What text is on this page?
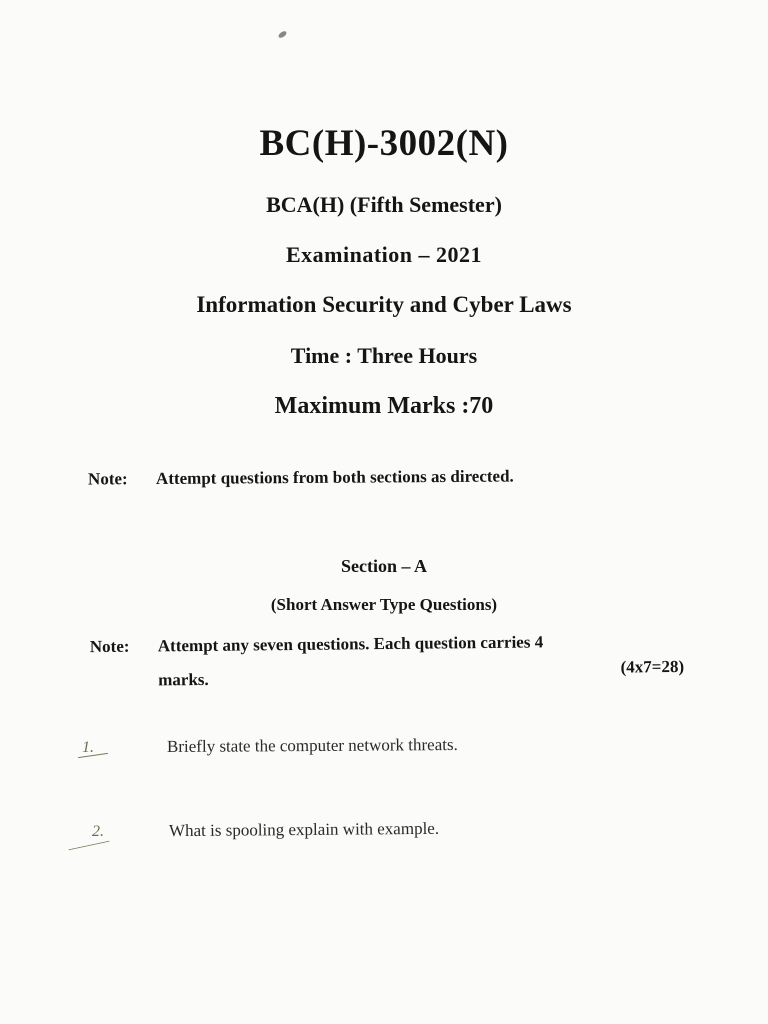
BC(H)-3002(N)
BCA(H) (Fifth Semester)
Examination – 2021
Information Security and Cyber Laws
Time : Three Hours
Maximum Marks :70
Note: Attempt questions from both sections as directed.
Section – A
(Short Answer Type Questions)
Note: Attempt any seven questions. Each question carries 4
marks.
(4x7=28)
1.	Briefly state the computer network threats.
2.	What is spooling explain with example.
